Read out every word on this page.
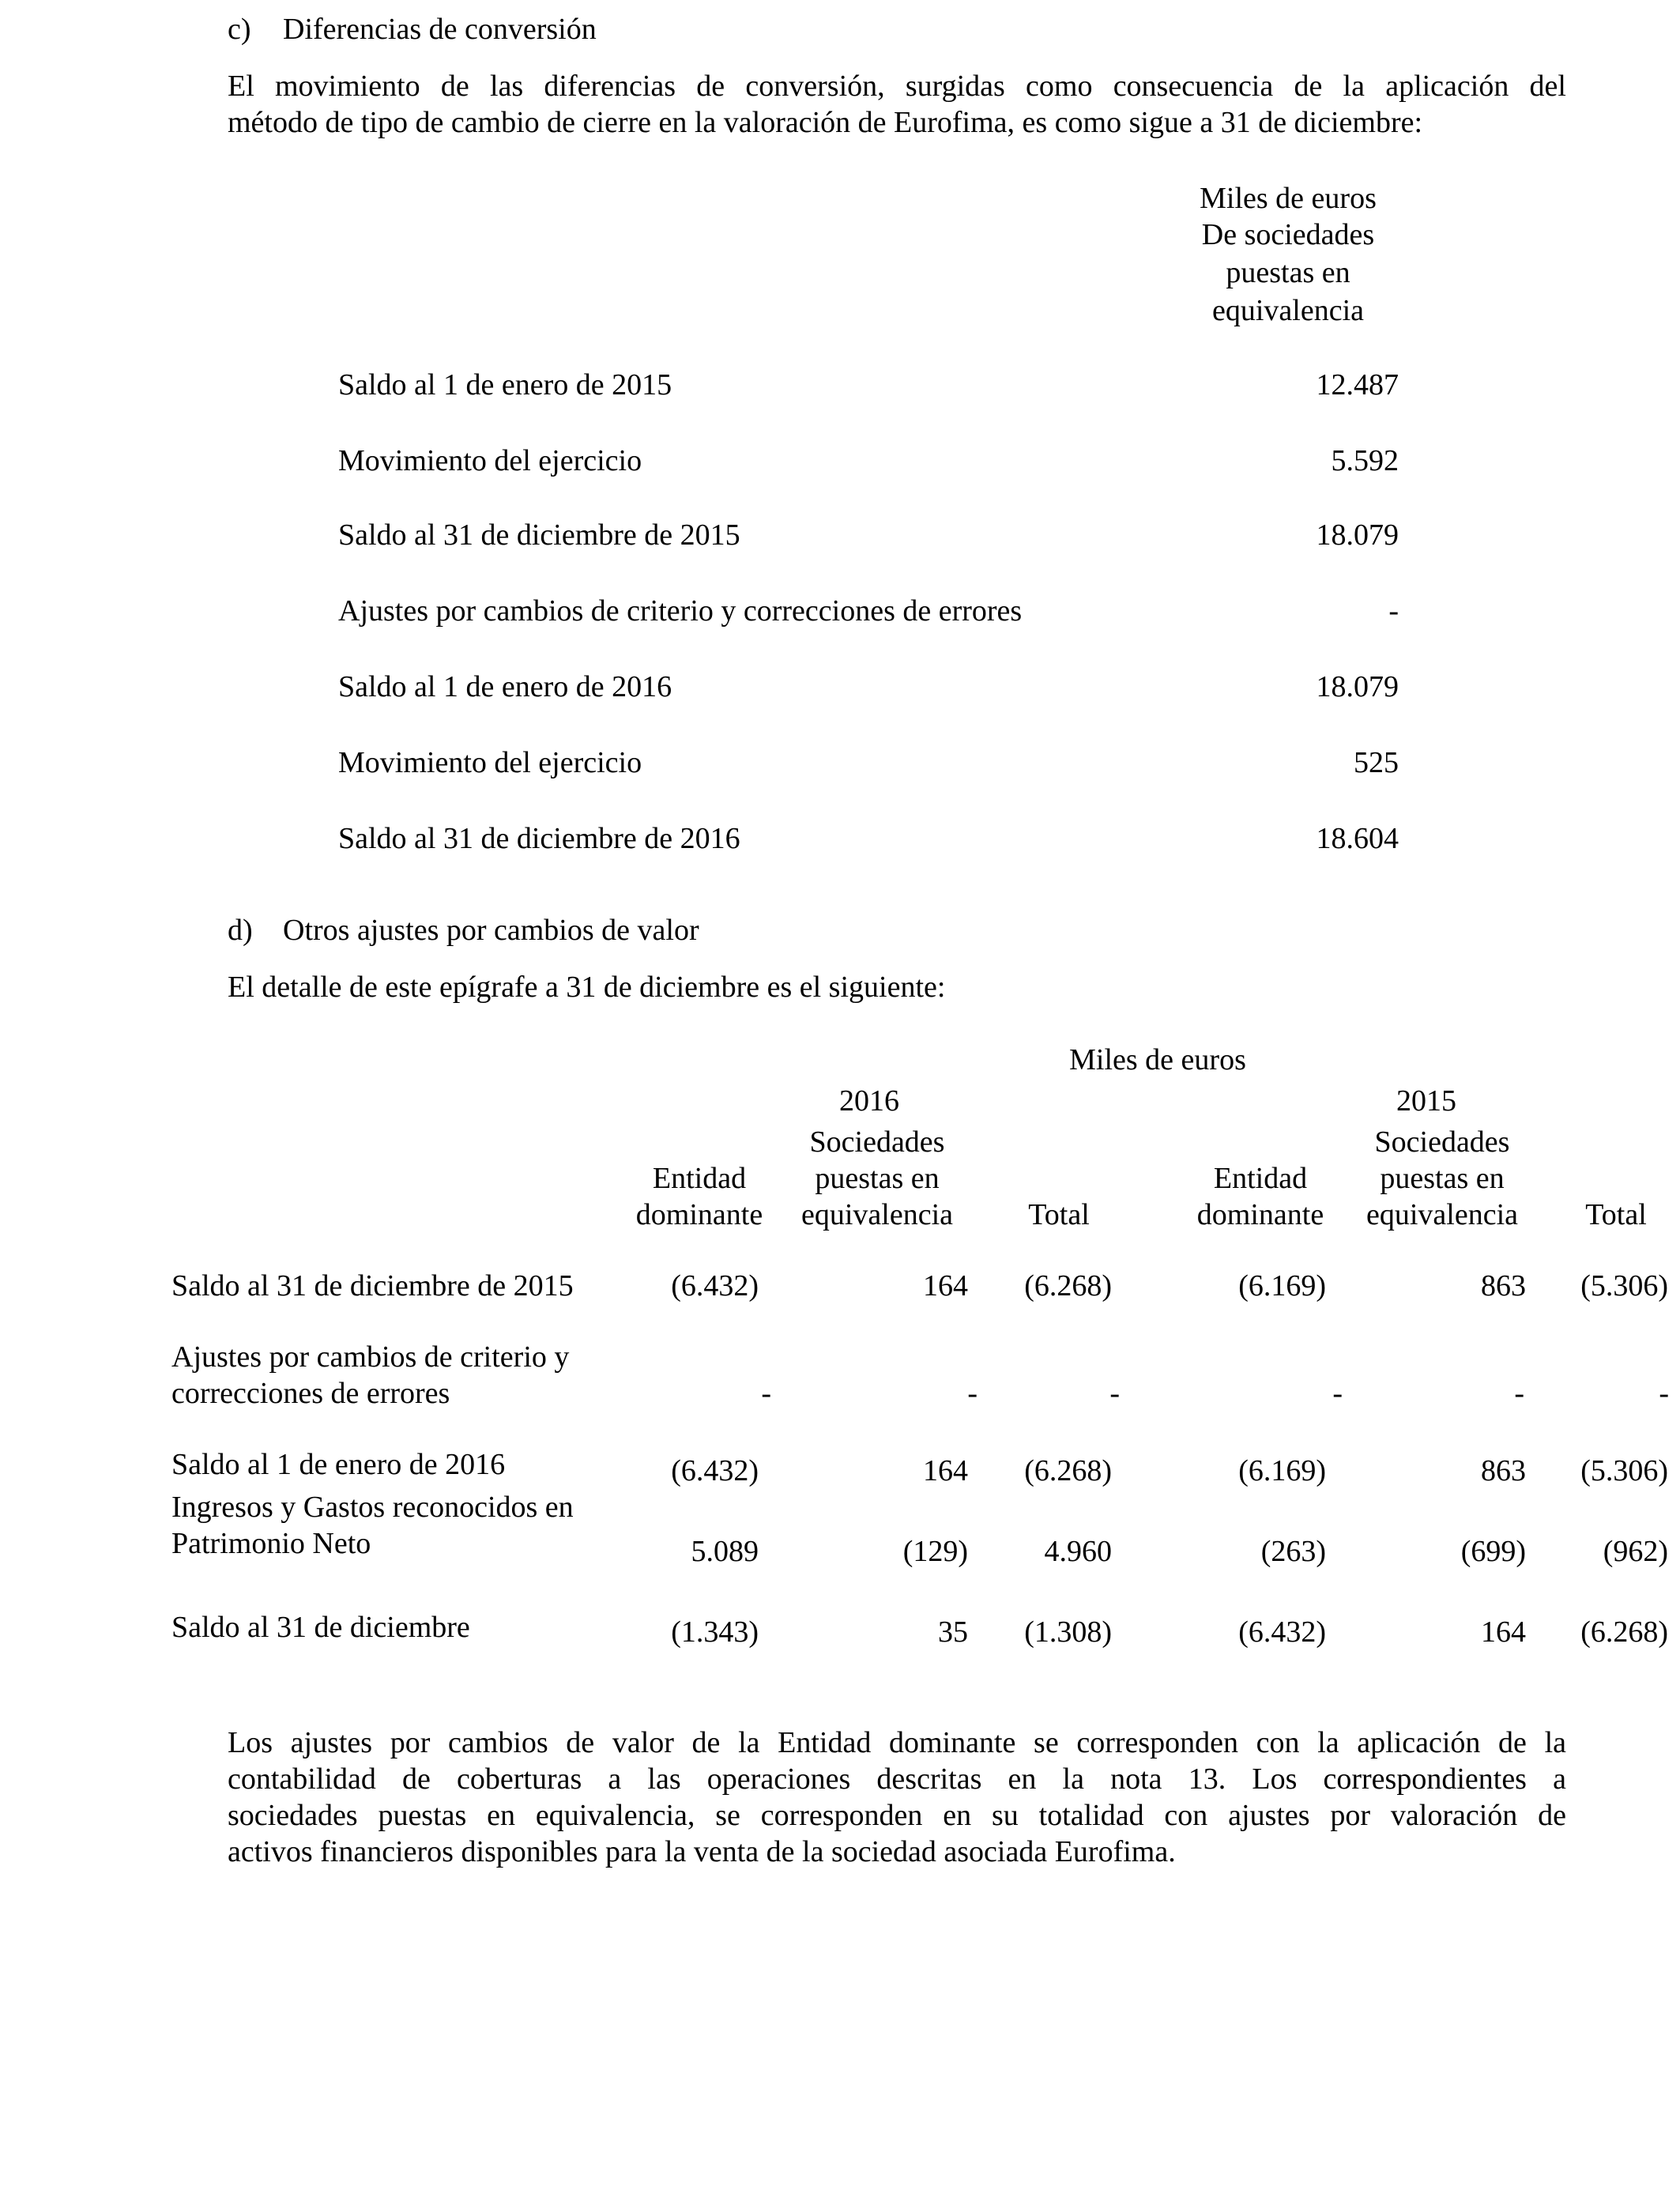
c) Diferencias de conversión
El movimiento de las diferencias de conversión, surgidas como consecuencia de la aplicación del
método de tipo de cambio de cierre en la valoración de Eurofima, es como sigue a 31 de diciembre:
Miles de euros
De sociedades
puestas en
equivalencia
Saldo al 1 de enero de 2015	12.487
Movimiento del ejercicio	5.592
Saldo al 31 de diciembre de 2015	18.079
Ajustes por cambios de criterio y correcciones de errores	-
Saldo al 1 de enero de 2016	18.079
Movimiento del ejercicio	525
Saldo al 31 de diciembre de 2016	18.604
d) Otros ajustes por cambios de valor
El detalle de este epígrafe a 31 de diciembre es el siguiente:
Miles de euros
2016	2015
Entidad
dominante
Sociedades
puestas en
equivalencia	Total
Entidad
dominante
Sociedades
puestas en
equivalencia	Total
Saldo al 31 de diciembre de 2015	(6.432)	164	(6.268)	(6.169)	863	(5.306)
Ajustes por cambios de criterio y
correcciones de errores	-	-	-	-	-	-
Saldo al 1 de enero de 2016	(6.432)	164	(6.268)	(6.169)	863	(5.306)
Ingresos y Gastos reconocidos en
Patrimonio Neto	5.089	(129)	4.960	(263)	(699)	(962)
Saldo al 31 de diciembre	(1.343)	35	(1.308)	(6.432)	164	(6.268)
Los ajustes por cambios de valor de la Entidad dominante se corresponden con la aplicación de la
contabilidad de coberturas a las operaciones descritas en la nota 13. Los correspondientes a
sociedades puestas en equivalencia, se corresponden en su totalidad con ajustes por valoración de
activos financieros disponibles para la venta de la sociedad asociada Eurofima.
